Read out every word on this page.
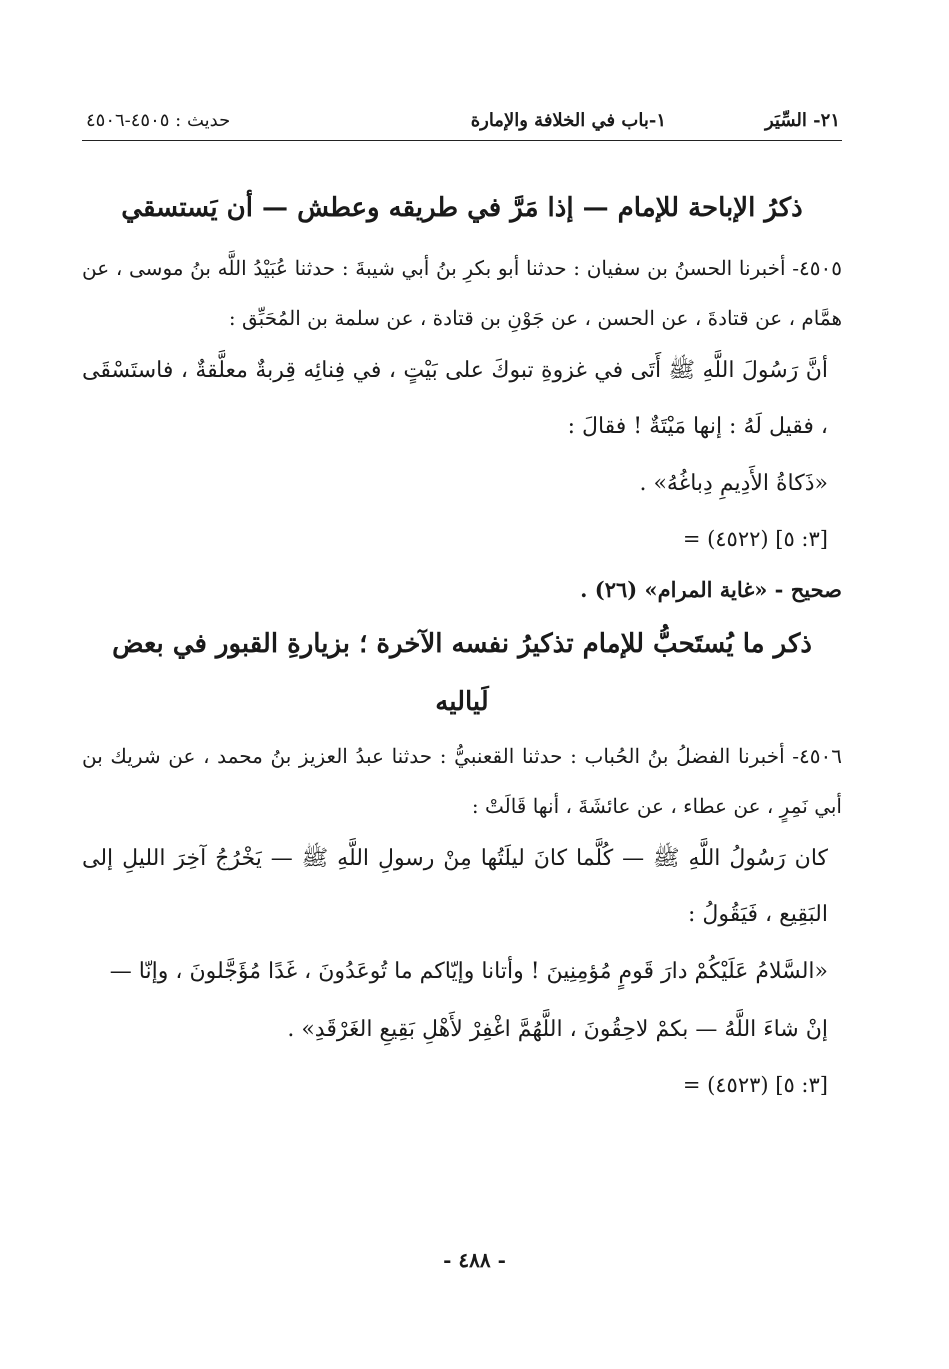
٢١- السِّيَر
١-باب في الخلافة والإمارة
حديث : ٤٥٠٥-٤٥٠٦
ذكرُ الإباحة للإمام — إذا مَرَّ في طريقه وعطش — أن يَستسقي

٤٥٠٥- أخبرنا الحسنُ بن سفيان : حدثنا أبو بكرِ بنُ أبي شيبةَ : حدثنا عُبَيْدُ اللَّه بنُ موسى ، عن همَّام ، عن قتادةَ ، عن الحسن ، عن جَوْنِ بن قتادة ، عن سلمة بن المُحَبِّق :

أنَّ رَسُولَ اللَّهِ ﷺ أَتَى في غزوةِ تبوكَ على بَيْتٍ ، في فِنائِه قِربةٌ معلَّقةٌ ، فاستَسْقَى ، فقيل لَهُ : إنها مَيْتَةٌ ! فقالَ :

«ذَكاةُ الأَدِيمِ دِباغُهُ» .

= (٤٥٢٢) [٣: ٥]

صحيح - «غاية المرام» (٢٦) .

ذكر ما يُستَحبُّ للإمام تذكيرُ نفسه الآخرة ؛ بزيارةِ القبور في بعض لَياليه

٤٥٠٦- أخبرنا الفضلُ بنُ الحُباب : حدثنا القعنبيُّ : حدثنا عبدُ العزيز بنُ محمد ، عن شريك بن أبي نَمِرٍ ، عن عطاء ، عن عائشَةَ ، أنها قَالَتْ :

كان رَسُولُ اللَّهِ ﷺ — كُلَّما كانَ ليلَتُها مِنْ رسولِ اللَّهِ ﷺ — يَخْرُجُ آخِرَ الليلِ إلى البَقِيع ، فَيَقُولُ :

«السَّلامُ عَلَيْكُمْ دارَ قَومٍ مُؤمِنِينَ ! وأتانا وإيّاكم ما تُوعَدُونَ ، غَدًا مُؤَجَّلونَ ، وإنّا — إنْ شاءَ اللَّهُ — بكمْ لاحِقُونَ ، اللَّهُمَّ اغْفِرْ لأَهْلِ بَقِيعِ الغَرْقَدِ» .

= (٤٥٢٣) [٣: ٥]

- ٤٨٨ -
